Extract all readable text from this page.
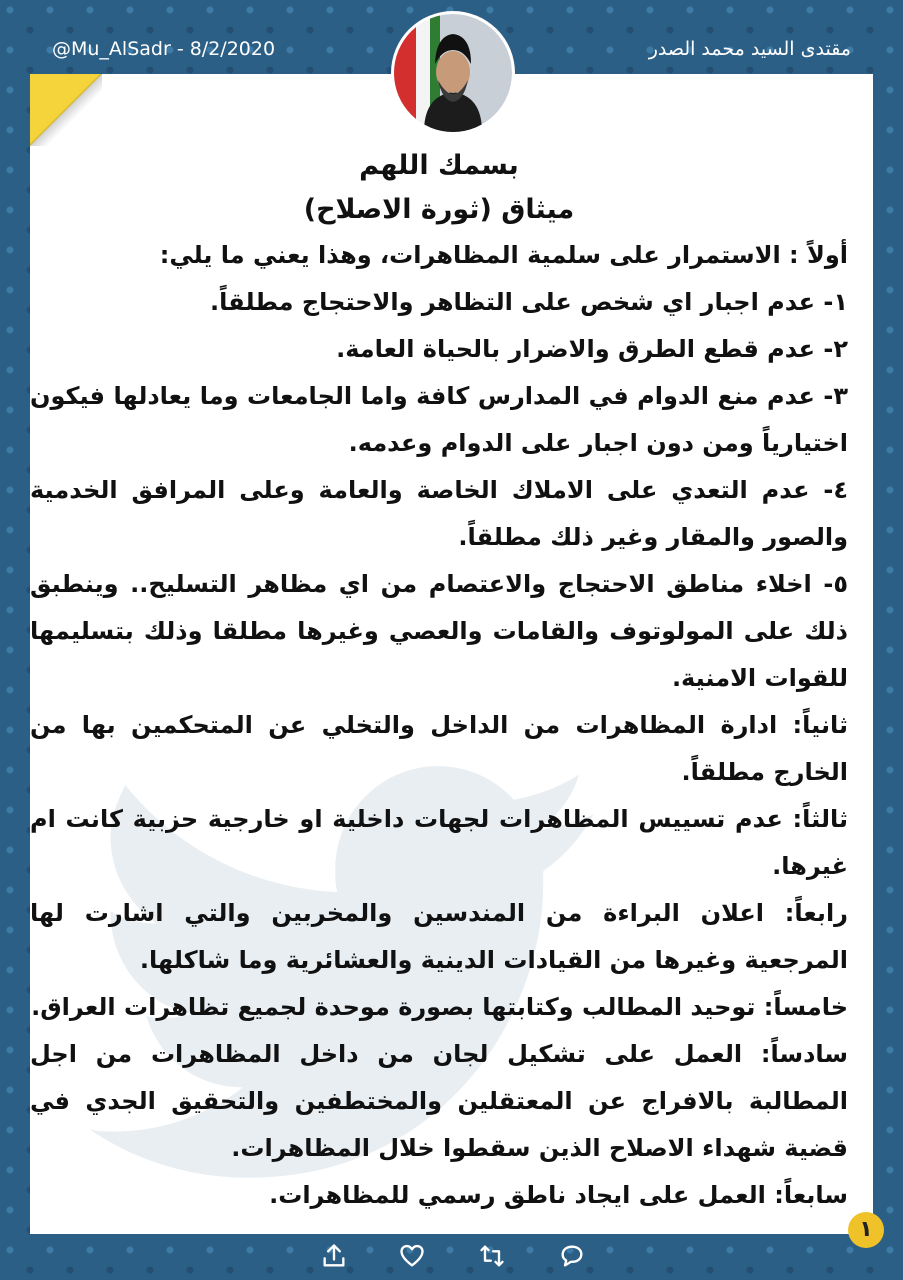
@Mu_AlSadr - 8/2/2020	مقتدى السيد محمد الصدر

بسمك اللهم

ميثاق (ثورة الاصلاح)

أولاً : الاستمرار على سلمية المظاهرات، وهذا يعني ما يلي:

١- عدم اجبار اي شخص على التظاهر والاحتجاج مطلقاً.

٢- عدم قطع الطرق والاضرار بالحياة العامة.

٣- عدم منع الدوام في المدارس كافة واما الجامعات وما يعادلها فيكون اختيارياً ومن دون اجبار على الدوام وعدمه.

٤- عدم التعدي على الاملاك الخاصة والعامة وعلى المرافق الخدمية والصور والمقار وغير ذلك مطلقاً.

٥- اخلاء مناطق الاحتجاج والاعتصام من اي مظاهر التسليح.. وينطبق ذلك على المولوتوف والقامات والعصي وغيرها مطلقا وذلك بتسليمها للقوات الامنية.

ثانياً: ادارة المظاهرات من الداخل والتخلي عن المتحكمين بها من الخارج مطلقاً.

ثالثاً: عدم تسييس المظاهرات لجهات داخلية او خارجية حزبية كانت ام غيرها.

رابعاً: اعلان البراءة من المندسين والمخربين والتي اشارت لها المرجعية وغيرها من القيادات الدينية والعشائرية وما شاكلها.

خامساً: توحيد المطالب وكتابتها بصورة موحدة لجميع تظاهرات العراق.

سادساً: العمل على تشكيل لجان من داخل المظاهرات من اجل المطالبة بالافراج عن المعتقلين والمختطفين والتحقيق الجدي في قضية شهداء الاصلاح الذين سقطوا خلال المظاهرات.

سابعاً: العمل على ايجاد ناطق رسمي للمظاهرات.

١
